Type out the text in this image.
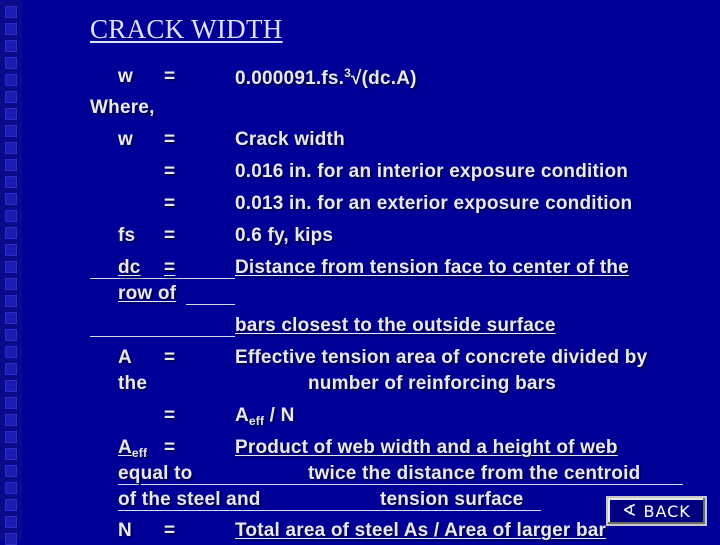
CRACK WIDTH
w =	0.000091.fs.$^3$√(dc.A)
Where,
w =	Crack width
=	0.016 in. for an interior exposure condition
=	0.013 in. for an exterior exposure condition
fs =	0.6 fy, kips
dc =	Distance from tension face to center of the
row of
bars closest to the outside surface
A =	Effective tension area of concrete divided by
the	number of reinforcing bars
=	$A_{eff}$ / N
$A_{eff}$ =	Product of web width and a height of web
equal to	twice the distance from the centroid
of the steel and	tension surface
N =	Total area of steel As / Area of larger bar
∢ BACK
